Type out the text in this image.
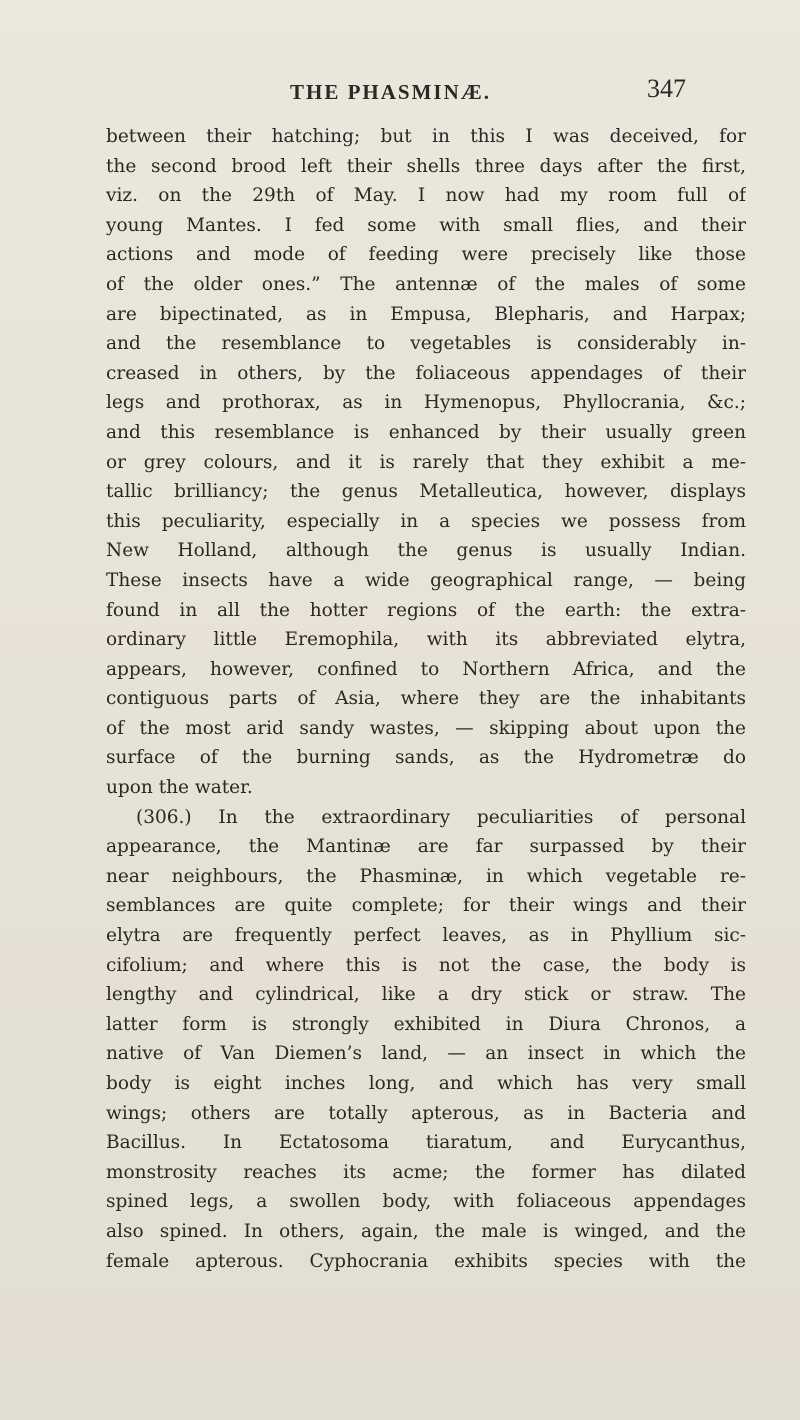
THE PHASMINÆ.	347
between their hatching; but in this I was deceived, for
the second brood left their shells three days after the first,
viz. on the 29th of May. I now had my room full of
young Mantes. I fed some with small flies, and their
actions and mode of feeding were precisely like those
of the older ones.” The antennæ of the males of some
are bipectinated, as in Empusa, Blepharis, and Harpax;
and the resemblance to vegetables is considerably in-
creased in others, by the foliaceous appendages of their
legs and prothorax, as in Hymenopus, Phyllocrania, &c.;
and this resemblance is enhanced by their usually green
or grey colours, and it is rarely that they exhibit a me-
tallic brilliancy; the genus Metalleutica, however, displays
this peculiarity, especially in a species we possess from
New Holland, although the genus is usually Indian.
These insects have a wide geographical range, — being
found in all the hotter regions of the earth: the extra-
ordinary little Eremophila, with its abbreviated elytra,
appears, however, confined to Northern Africa, and the
contiguous parts of Asia, where they are the inhabitants
of the most arid sandy wastes, — skipping about upon the
surface of the burning sands, as the Hydrometræ do
upon the water.
(306.) In the extraordinary peculiarities of personal
appearance, the Mantinæ are far surpassed by their
near neighbours, the Phasminæ, in which vegetable re-
semblances are quite complete; for their wings and their
elytra are frequently perfect leaves, as in Phyllium sic-
cifolium; and where this is not the case, the body is
lengthy and cylindrical, like a dry stick or straw. The
latter form is strongly exhibited in Diura Chronos, a
native of Van Diemen’s land, — an insect in which the
body is eight inches long, and which has very small
wings; others are totally apterous, as in Bacteria and
Bacillus. In Ectatosoma tiaratum, and Eurycanthus,
monstrosity reaches its acme; the former has dilated
spined legs, a swollen body, with foliaceous appendages
also spined. In others, again, the male is winged, and the
female apterous. Cyphocrania exhibits species with the
